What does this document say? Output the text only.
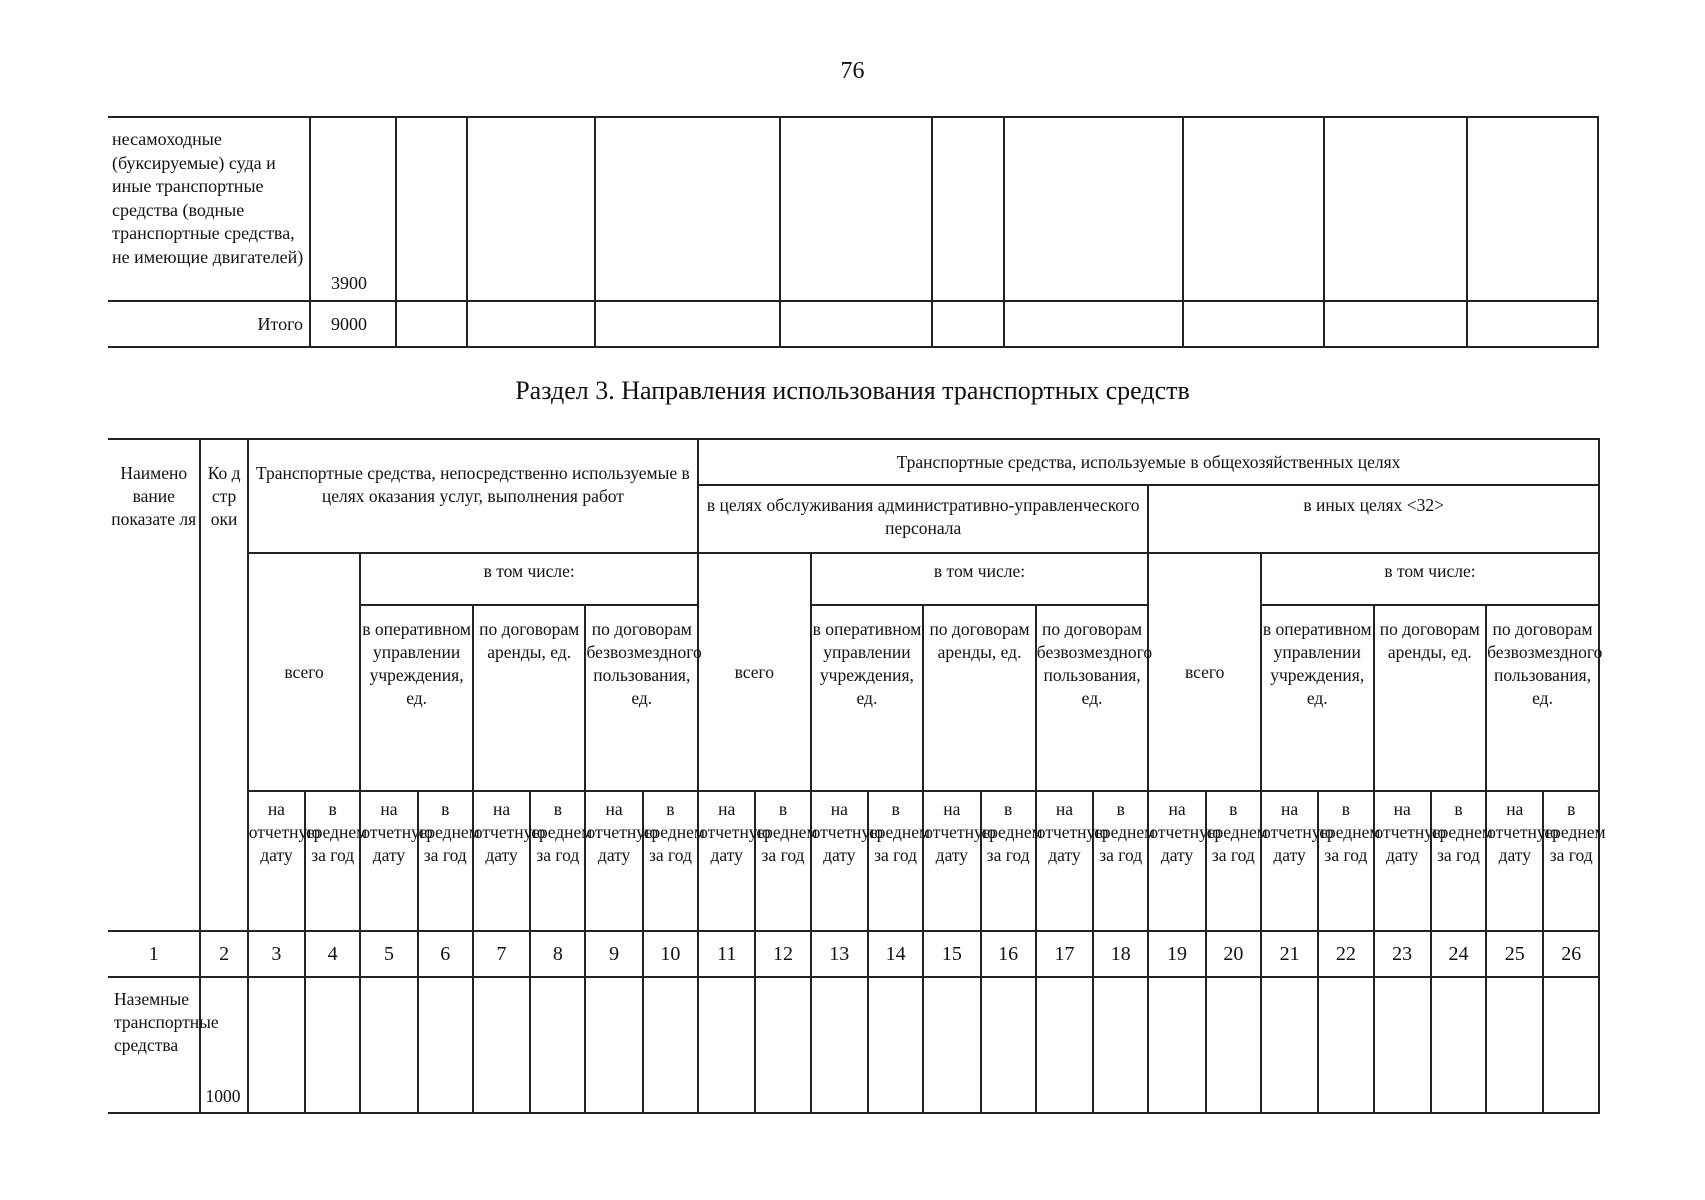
76
несамоходные (буксируемые) суда и иные транспортные средства (водные транспортные средства, не имеющие двигателей)	3900									
Итого	9000									
Раздел 3. Направления использования транспортных средств
Наимено вание показате ля	Ко д стр оки	Транспортные средства, непосредственно используемые в целях оказания услуг, выполнения работ								Транспортные средства, используемые в общехозяйственных целях															
										в целях обслуживания административно-управленческого персонала								в иных целях <32>							
		всего		в том числе:						всего		в том числе:						всего		в том числе:					
				в оперативном управлении учреждения, ед.		по договорам аренды, ед.		по договорам безвозмездного пользования, ед.				в оперативном управлении учреждения, ед.		по договорам аренды, ед.		по договорам безвозмездного пользования, ед.				в оперативном управлении учреждения, ед.		по договорам аренды, ед.		по договорам безвозмездного пользования, ед.	
		на отчетную дату	в среднем за год	на отчетную дату	в среднем за год	на отчетную дату	в среднем за год	на отчетную дату	в среднем за год	на отчетную дату	в среднем за год	на отчетную дату	в среднем за год	на отчетную дату	в среднем за год	на отчетную дату	в среднем за год	на отчетную дату	в среднем за год	на отчетную дату	в среднем за год	на отчетную дату	в среднем за год	на отчетную дату	в среднем за год
1	2	3	4	5	6	7	8	9	10	11	12	13	14	15	16	17	18	19	20	21	22	23	24	25	26
Наземные транспортные средства	1000																								
